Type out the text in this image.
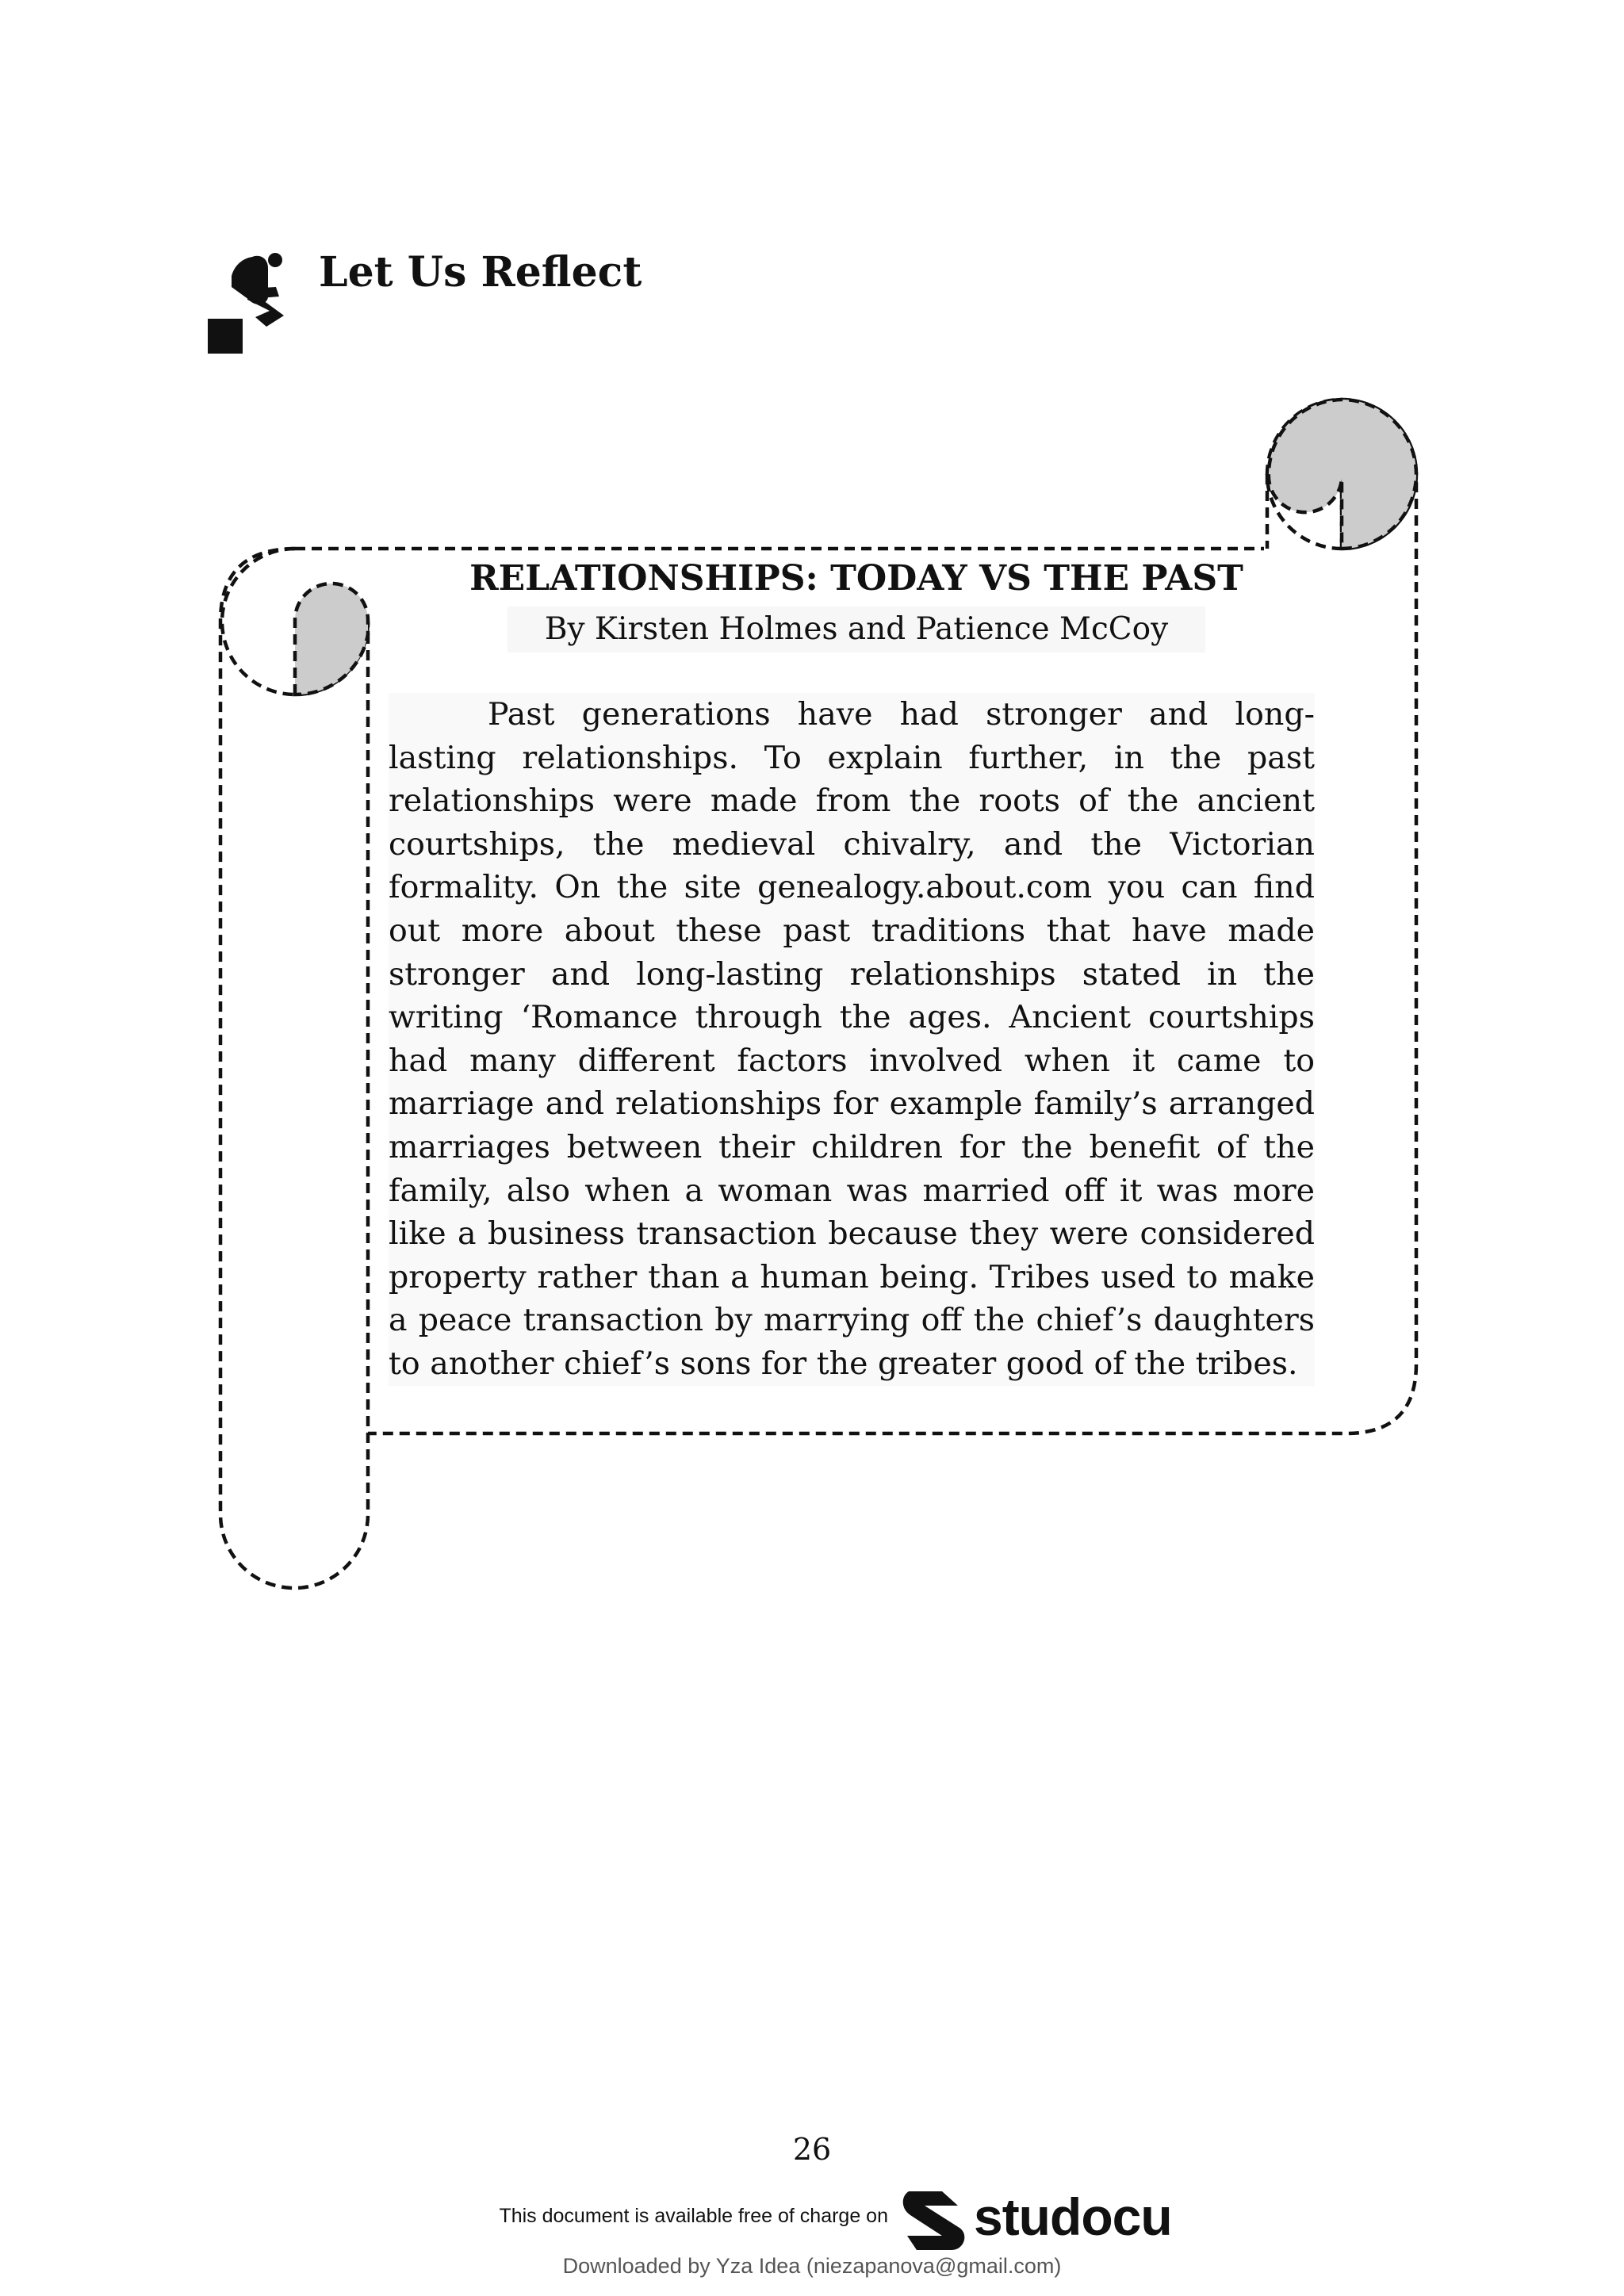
Let Us Reflect
RELATIONSHIPS: TODAY VS THE PAST
By Kirsten Holmes and Patience McCoy

Past generations have had stronger and long-lasting relationships. To explain further, in the past relationships were made from the roots of the ancient courtships, the medieval chivalry, and the Victorian formality. On the site genealogy.about.com you can find out more about these past traditions that have made stronger and long-lasting relationships stated in the writing ‘Romance through the ages. Ancient courtships had many different factors involved when it came to marriage and relationships for example family’s arranged marriages between their children for the benefit of the family, also when a woman was married off it was more like a business transaction because they were considered property rather than a human being. Tribes used to make a peace transaction by marrying off the chief’s daughters to another chief’s sons for the greater good of the tribes.

26
This document is available free of charge on studocu
Downloaded by Yza Idea (niezapanova@gmail.com)
